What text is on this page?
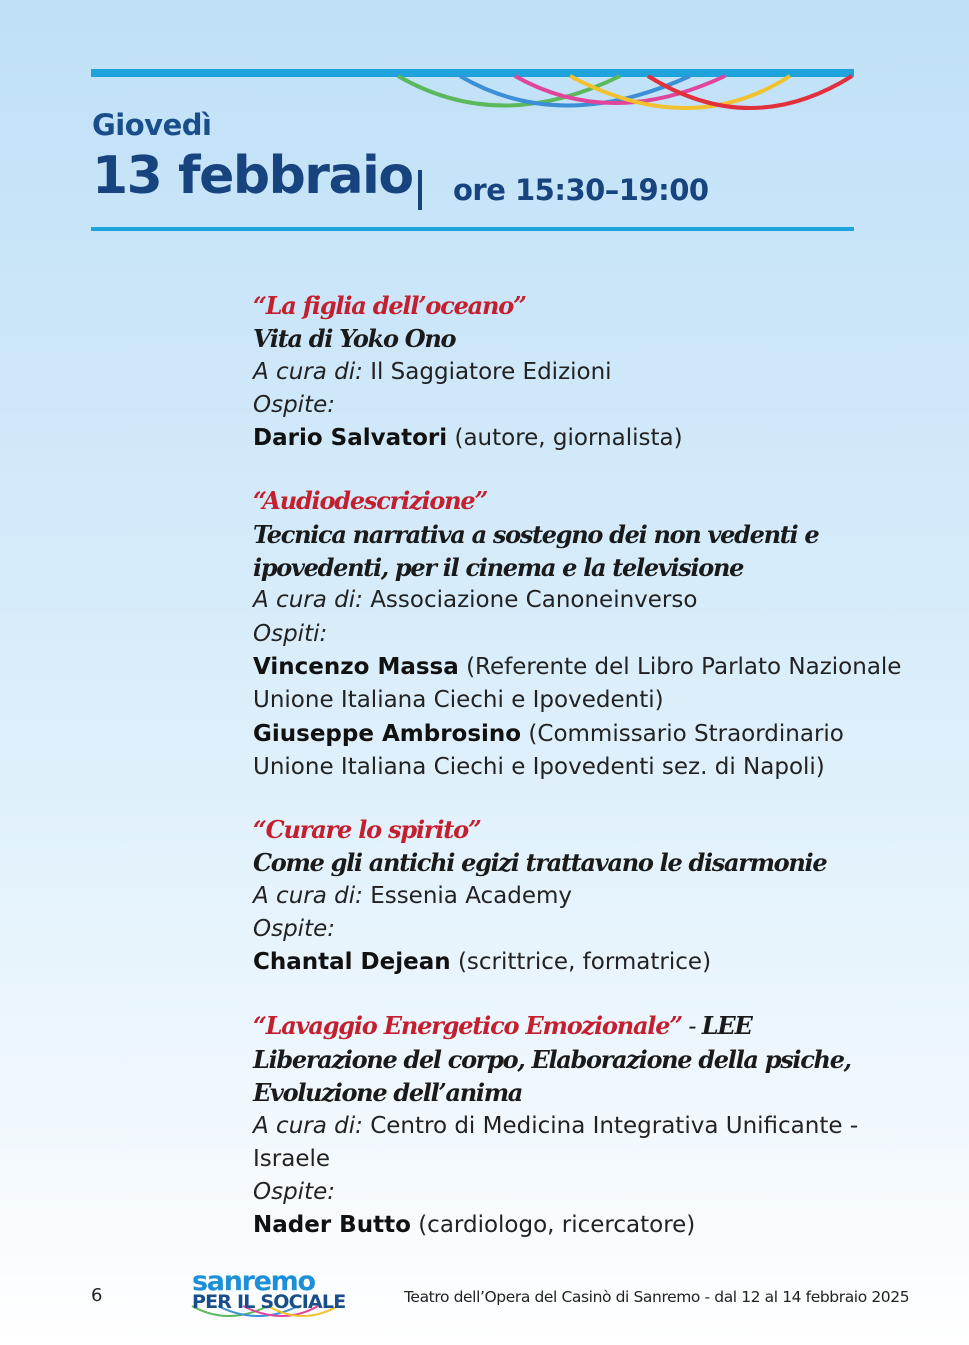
Giovedì
13 febbraio ore 15:30–19:00
“La figlia dell’oceano”
Vita di Yoko Ono
A cura di: Il Saggiatore Edizioni
Ospite:
Dario Salvatori (autore, giornalista)
“Audiodescrizione”
Tecnica narrativa a sostegno dei non vedenti e
ipovedenti, per il cinema e la televisione
A cura di: Associazione Canoneinverso
Ospiti:
Vincenzo Massa (Referente del Libro Parlato Nazionale
Unione Italiana Ciechi e Ipovedenti)
Giuseppe Ambrosino (Commissario Straordinario
Unione Italiana Ciechi e Ipovedenti sez. di Napoli)
“Curare lo spirito”
Come gli antichi egizi trattavano le disarmonie
A cura di: Essenia Academy
Ospite:
Chantal Dejean (scrittrice, formatrice)
“Lavaggio Energetico Emozionale” - LEE
Liberazione del corpo, Elaborazione della psiche,
Evoluzione dell’anima
A cura di: Centro di Medicina Integrativa Unificante -
Israele
Ospite:
Nader Butto (cardiologo, ricercatore)
6	sanremo
PER IL SOCIALE	Teatro dell’Opera del Casinò di Sanremo - dal 12 al 14 febbraio 2025
